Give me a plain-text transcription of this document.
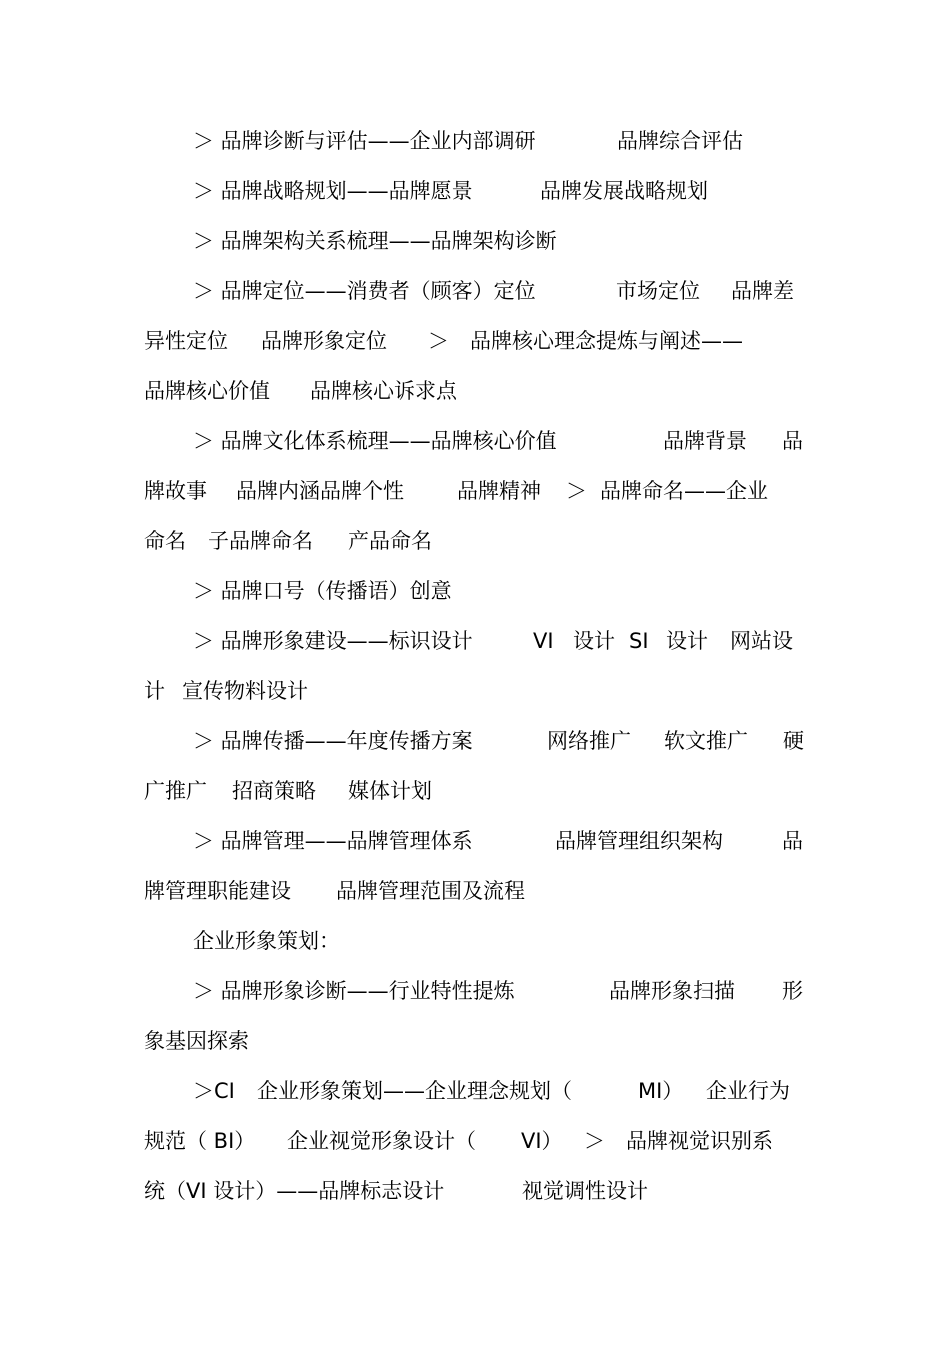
＞ 品牌诊断与评估——企业内部调研	品牌综合评估
＞ 品牌战略规划——品牌愿景	品牌发展战略规划
＞ 品牌架构关系梳理——品牌架构诊断
＞ 品牌定位——消费者（顾客）定位	市场定位 品牌差
异性定位 品牌形象定位 ＞ 品牌核心理念提炼与阐述——
品牌核心价值 品牌核心诉求点
＞ 品牌文化体系梳理——品牌核心价值	品牌背景 品
牌故事 品牌内涵品牌个性	品牌精神 ＞ 品牌命名——企业
命名 子品牌命名 产品命名
＞ 品牌口号（传播语）创意
＞ 品牌形象建设——标识设计	VI 设计 SI 设计 网站设
计 宣传物料设计
＞ 品牌传播——年度传播方案	网络推广 软文推广 硬
广推广 招商策略 媒体计划
＞ 品牌管理——品牌管理体系	品牌管理组织架构	品
牌管理职能建设 品牌管理范围及流程
企业形象策划：
＞ 品牌形象诊断——行业特性提炼	品牌形象扫描 形
象基因探索
＞CI 企业形象策划——企业理念规划（	MI） 企业行为
规范（ BI） 企业视觉形象设计（ VI） ＞ 品牌视觉识别系
统（VI 设计）——品牌标志设计	视觉调性设计
